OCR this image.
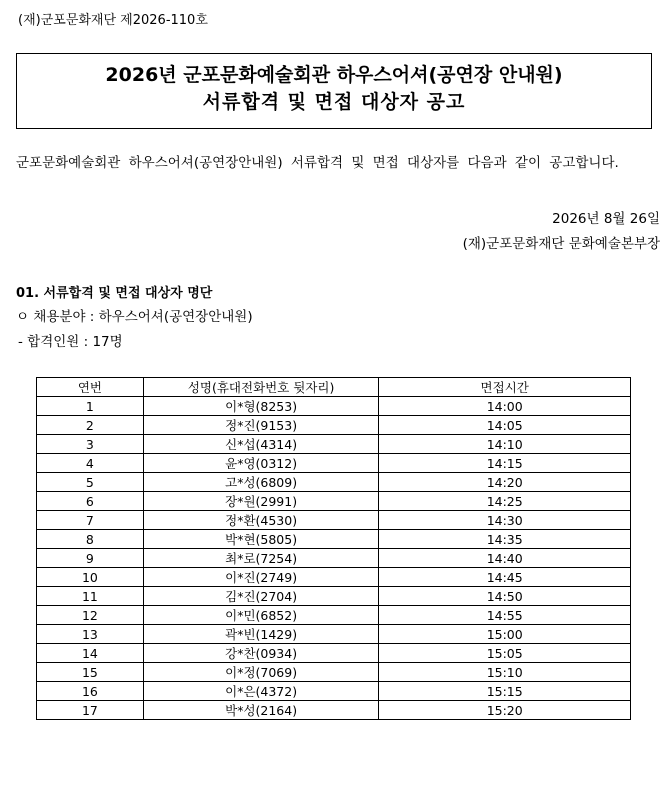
(재)군포문화재단 제2026-110호
2026년 군포문화예술회관 하우스어셔(공연장 안내원)
서류합격 및 면접 대상자 공고
군포문화예술회관 하우스어셔(공연장안내원) 서류합격 및 면접 대상자를 다음과 같이 공고합니다.
2026년 8월 26일
(재)군포문화재단 문화예술본부장
01. 서류합격 및 면접 대상자 명단
ㅇ 채용분야 : 하우스어셔(공연장안내원)
- 합격인원 : 17명
연번	성명(휴대전화번호 뒷자리)	면접시간
1	이*형(8253)	14:00
2	정*진(9153)	14:05
3	신*섭(4314)	14:10
4	윤*영(0312)	14:15
5	고*성(6809)	14:20
6	장*원(2991)	14:25
7	정*환(4530)	14:30
8	박*현(5805)	14:35
9	최*로(7254)	14:40
10	이*진(2749)	14:45
11	김*진(2704)	14:50
12	이*민(6852)	14:55
13	곽*빈(1429)	15:00
14	강*찬(0934)	15:05
15	이*정(7069)	15:10
16	이*은(4372)	15:15
17	박*성(2164)	15:20
